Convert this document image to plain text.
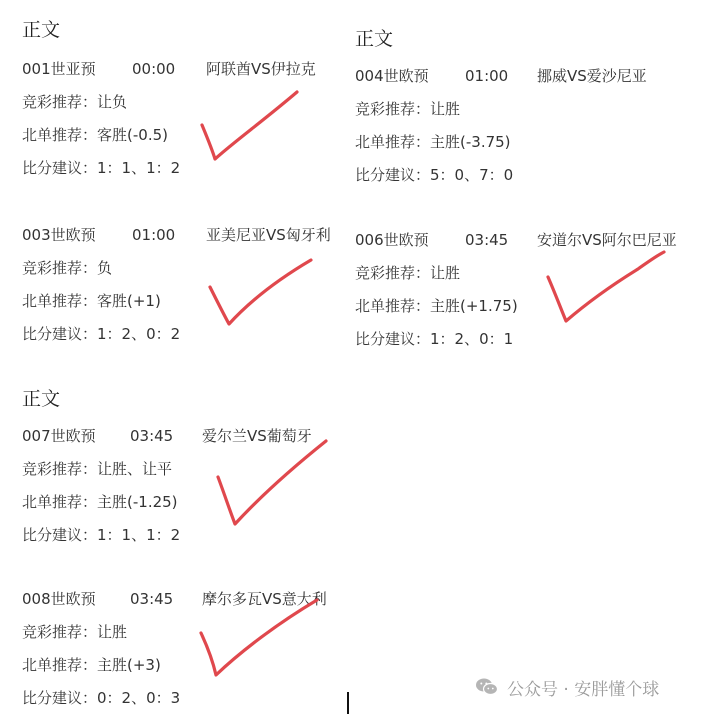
正文	正文
正文
001世亚预 00:00 阿联酋VS伊拉克
竞彩推荐：让负
北单推荐：客胜(-0.5)
比分建议：1：1、1：2
003世欧预 01:00 亚美尼亚VS匈牙利
竞彩推荐：负
北单推荐：客胜(+1)
比分建议：1：2、0：2
004世欧预 01:00 挪威VS爱沙尼亚
竞彩推荐：让胜
北单推荐：主胜(-3.75)
比分建议：5：0、7：0
006世欧预 03:45 安道尔VS阿尔巴尼亚
竞彩推荐：让胜
北单推荐：主胜(+1.75)
比分建议：1：2、0：1
007世欧预 03:45 爱尔兰VS葡萄牙
竞彩推荐：让胜、让平
北单推荐：主胜(-1.25)
比分建议：1：1、1：2
008世欧预 03:45 摩尔多瓦VS意大利
竞彩推荐：让胜
北单推荐：主胜(+3)
比分建议：0：2、0：3	公众号 · 安胖懂个球
